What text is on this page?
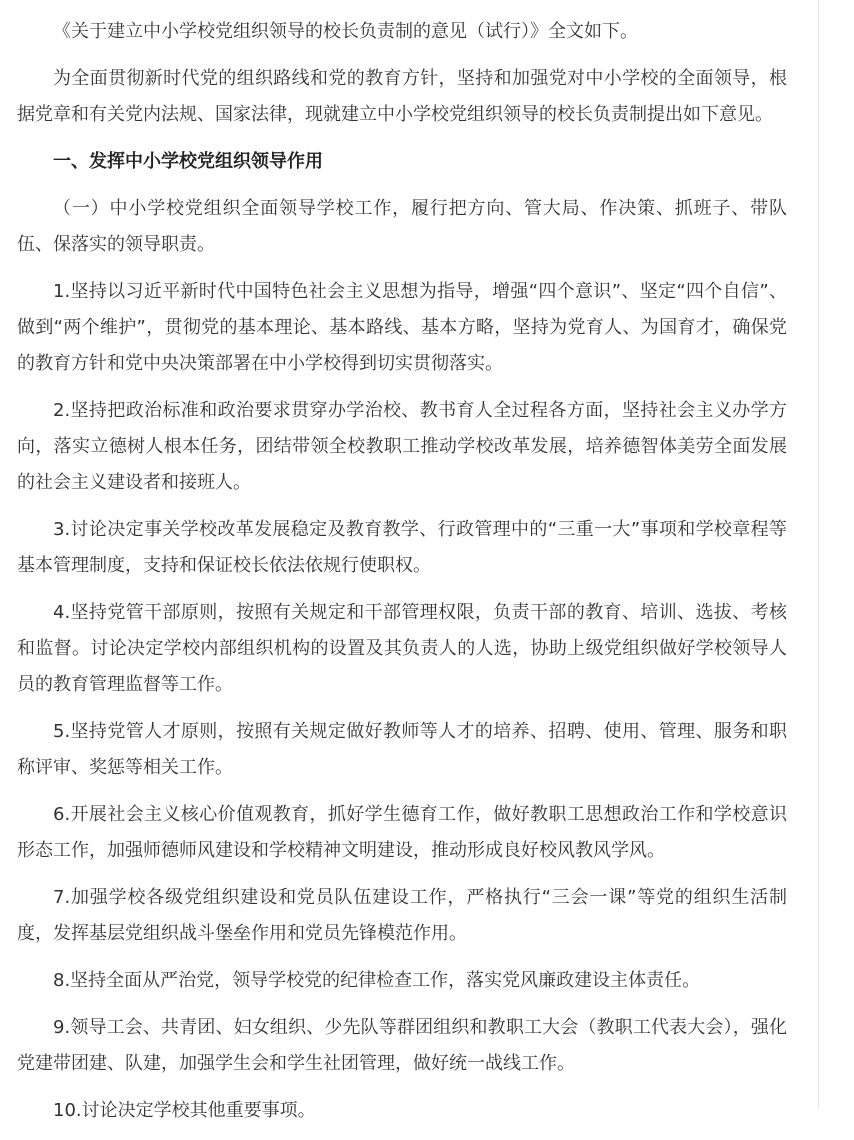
《关于建立中小学校党组织领导的校长负责制的意见（试行）》全文如下。

为全面贯彻新时代党的组织路线和党的教育方针，坚持和加强党对中小学校的全面领导，根据党章和有关党内法规、国家法律，现就建立中小学校党组织领导的校长负责制提出如下意见。

一、发挥中小学校党组织领导作用

（一）中小学校党组织全面领导学校工作，履行把方向、管大局、作决策、抓班子、带队伍、保落实的领导职责。

1.坚持以习近平新时代中国特色社会主义思想为指导，增强“四个意识”、坚定“四个自信”、做到“两个维护”，贯彻党的基本理论、基本路线、基本方略，坚持为党育人、为国育才，确保党的教育方针和党中央决策部署在中小学校得到切实贯彻落实。

2.坚持把政治标准和政治要求贯穿办学治校、教书育人全过程各方面，坚持社会主义办学方向，落实立德树人根本任务，团结带领全校教职工推动学校改革发展，培养德智体美劳全面发展的社会主义建设者和接班人。

3.讨论决定事关学校改革发展稳定及教育教学、行政管理中的“三重一大”事项和学校章程等基本管理制度，支持和保证校长依法依规行使职权。

4.坚持党管干部原则，按照有关规定和干部管理权限，负责干部的教育、培训、选拔、考核和监督。讨论决定学校内部组织机构的设置及其负责人的人选，协助上级党组织做好学校领导人员的教育管理监督等工作。

5.坚持党管人才原则，按照有关规定做好教师等人才的培养、招聘、使用、管理、服务和职称评审、奖惩等相关工作。

6.开展社会主义核心价值观教育，抓好学生德育工作，做好教职工思想政治工作和学校意识形态工作，加强师德师风建设和学校精神文明建设，推动形成良好校风教风学风。

7.加强学校各级党组织建设和党员队伍建设工作，严格执行“三会一课”等党的组织生活制度，发挥基层党组织战斗堡垒作用和党员先锋模范作用。

8.坚持全面从严治党，领导学校党的纪律检查工作，落实党风廉政建设主体责任。

9.领导工会、共青团、妇女组织、少先队等群团组织和教职工大会（教职工代表大会），强化党建带团建、队建，加强学生会和学生社团管理，做好统一战线工作。

10.讨论决定学校其他重要事项。
